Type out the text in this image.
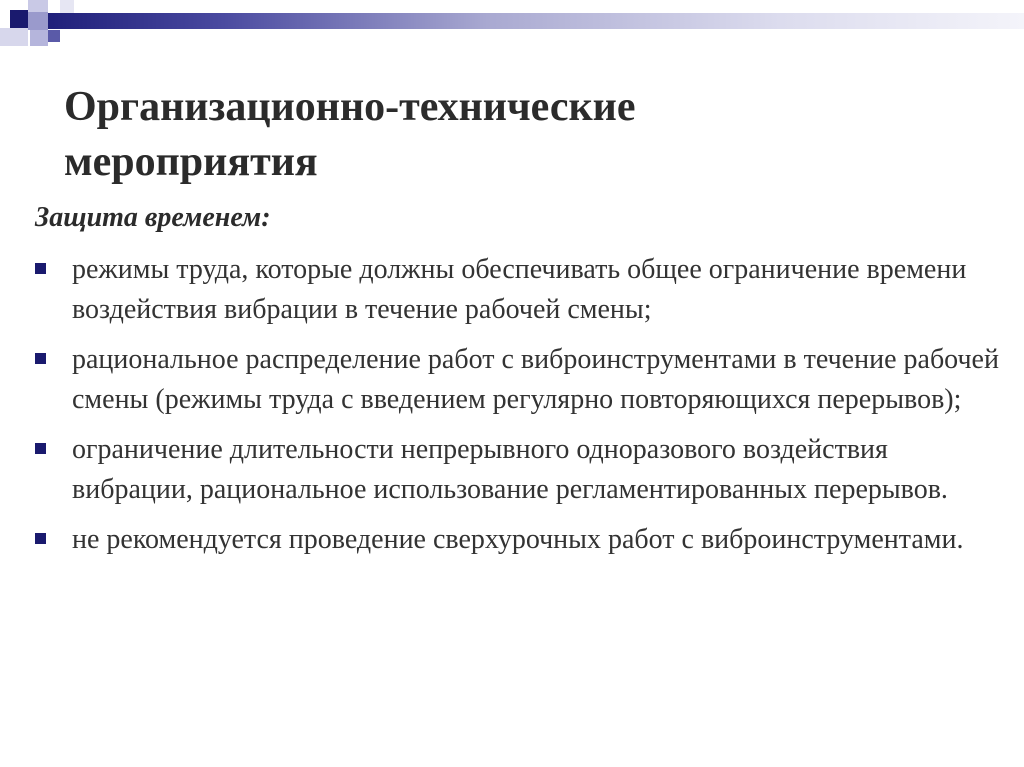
Организационно-технические
мероприятия

Защита временем:

режимы труда, которые должны обеспечивать общее ограничение времени воздействия вибрации в течение рабочей смены;
рациональное распределение работ с виброинструментами в течение рабочей смены (режимы труда с введением регулярно повторяющихся перерывов);
ограничение длительности непрерывного одноразового воздействия вибрации, рациональное использование регламентированных перерывов.
не рекомендуется проведение сверхурочных работ с виброинструментами.
